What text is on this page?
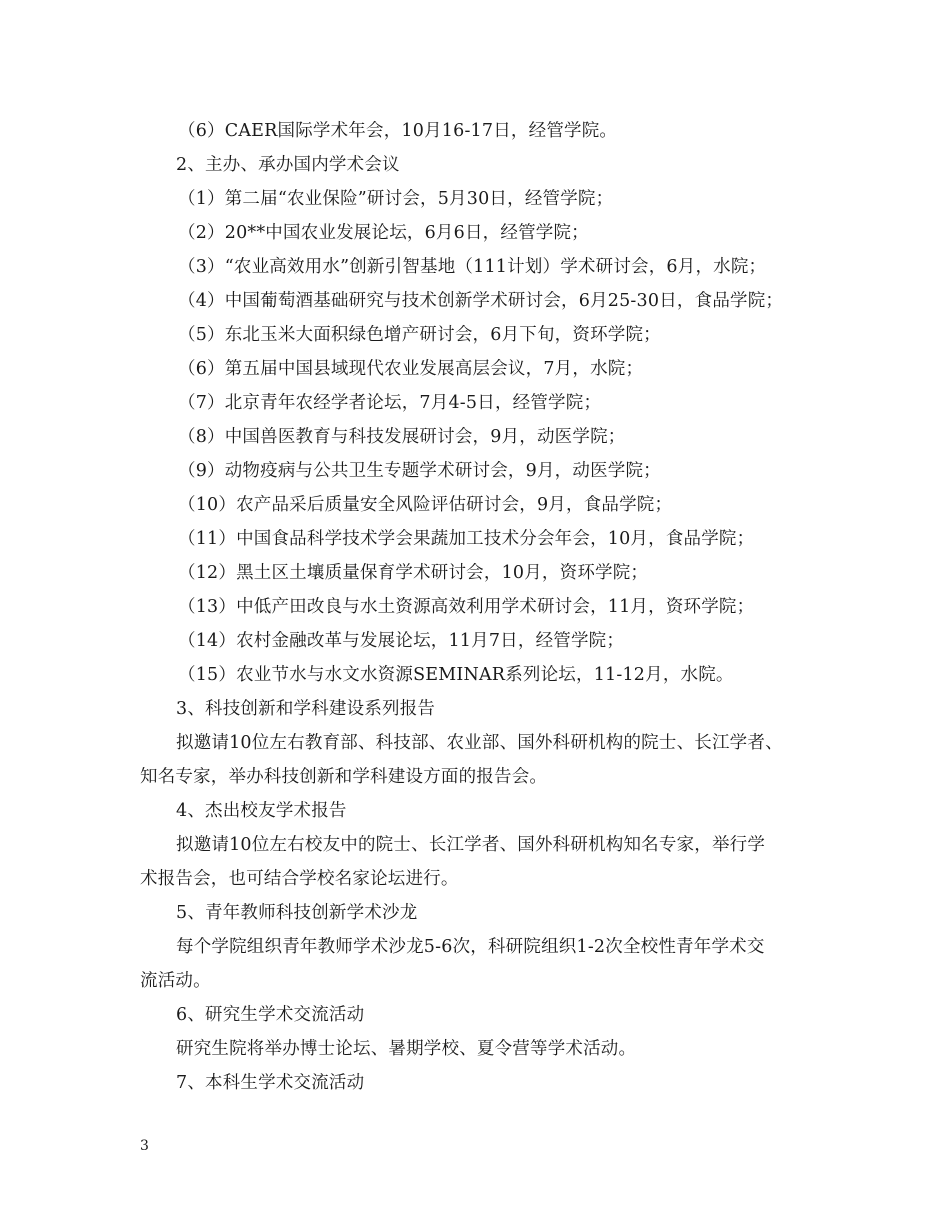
（6）CAER国际学术年会，10月16-17日，经管学院。
2、主办、承办国内学术会议
（1）第二届“农业保险”研讨会，5月30日，经管学院；
（2）20**中国农业发展论坛，6月6日，经管学院；
（3）“农业高效用水”创新引智基地（111计划）学术研讨会，6月，水院；
（4）中国葡萄酒基础研究与技术创新学术研讨会，6月25-30日，食品学院；
（5）东北玉米大面积绿色增产研讨会，6月下旬，资环学院；
（6）第五届中国县域现代农业发展高层会议，7月，水院；
（7）北京青年农经学者论坛，7月4-5日，经管学院；
（8）中国兽医教育与科技发展研讨会，9月，动医学院；
（9）动物疫病与公共卫生专题学术研讨会，9月，动医学院；
（10）农产品采后质量安全风险评估研讨会，9月，食品学院；
（11）中国食品科学技术学会果蔬加工技术分会年会，10月，食品学院；
（12）黑土区土壤质量保育学术研讨会，10月，资环学院；
（13）中低产田改良与水土资源高效利用学术研讨会，11月，资环学院；
（14）农村金融改革与发展论坛，11月7日，经管学院；
（15）农业节水与水文水资源SEMINAR系列论坛，11-12月，水院。
3、科技创新和学科建设系列报告
拟邀请10位左右教育部、科技部、农业部、国外科研机构的院士、长江学者、
知名专家，举办科技创新和学科建设方面的报告会。
4、杰出校友学术报告
拟邀请10位左右校友中的院士、长江学者、国外科研机构知名专家，举行学
术报告会，也可结合学校名家论坛进行。
5、青年教师科技创新学术沙龙
每个学院组织青年教师学术沙龙5-6次，科研院组织1-2次全校性青年学术交
流活动。
6、研究生学术交流活动
研究生院将举办博士论坛、暑期学校、夏令营等学术活动。
7、本科生学术交流活动
3
